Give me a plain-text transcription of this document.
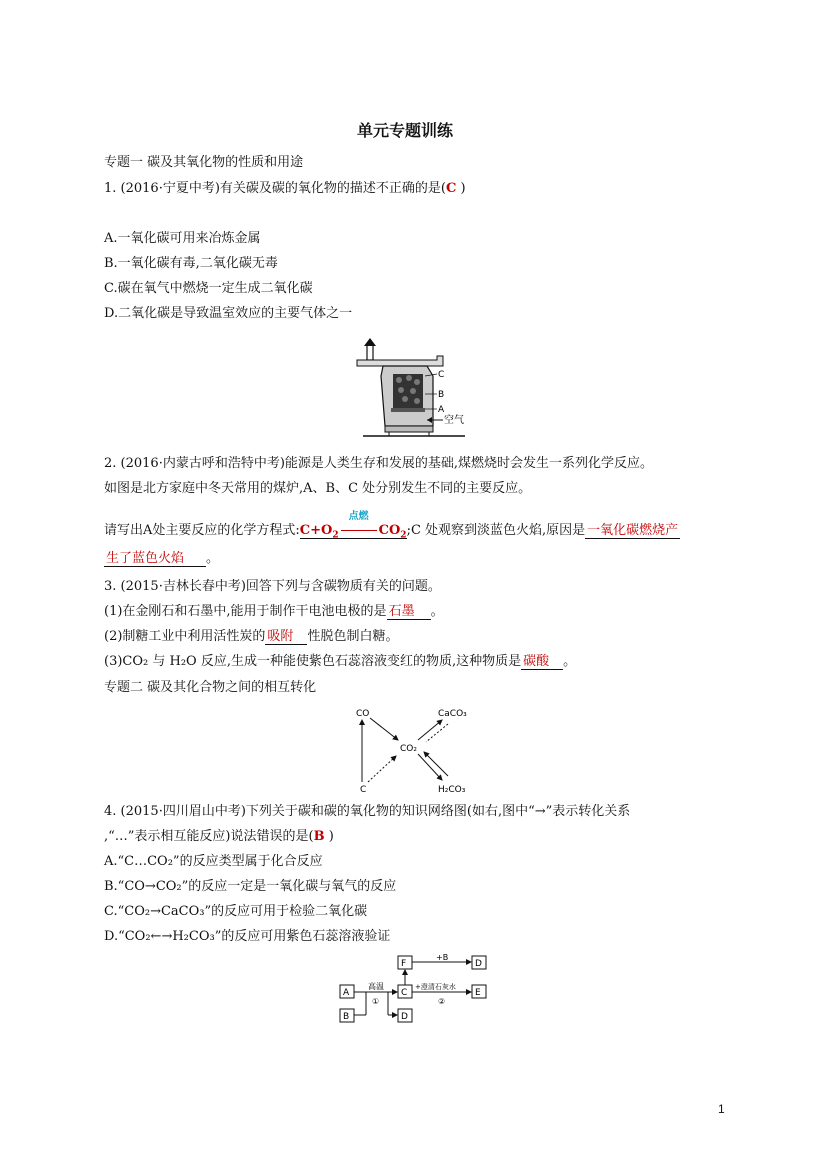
单元专题训练
专题一 碳及其氧化物的性质和用途
1. (2016·宁夏中考)有关碳及碳的氧化物的描述不正确的是(C )
A.一氧化碳可用来冶炼金属
B.一氧化碳有毒,二氧化碳无毒
C.碳在氧气中燃烧一定生成二氧化碳
D.二氧化碳是导致温室效应的主要气体之一
C
B
A
空气
2. (2016·内蒙古呼和浩特中考)能源是人类生存和发展的基础,煤燃烧时会发生一系列化学反应。
如图是北方家庭中冬天常用的煤炉,A、B、C 处分别发生不同的主要反应。
请写出A处主要反应的化学方程式$:C+O_2$
点燃
$CO_2;C$ 处观察到淡蓝色火焰,原因是 一氧化碳燃烧产
生了蓝色火焰 。
3. (2015·吉林长春中考)回答下列与含碳物质有关的问题。
(1)在金刚石和石墨中,能用于制作干电池电极的是 石墨 。
(2)制糖工业中利用活性炭的 吸附 性脱色制白糖。
(3)CO₂ 与 H₂O 反应,生成一种能使紫色石蕊溶液变红的物质,这种物质是 碳酸 。
专题二 碳及其化合物之间的相互转化
CO	CaCO₃
CO₂
C	H₂CO₃
4. (2015·四川眉山中考)下列关于碳和碳的氧化物的知识网络图(如右,图中“→”表示转化关系
,“…”表示相互能反应)说法错误的是(B )
A.“C…CO₂”的反应类型属于化合反应
B.“CO→CO₂”的反应一定是一氧化碳与氧气的反应
C.“CO₂→CaCO₃”的反应可用于检验二氧化碳
D.“CO₂←→H₂CO₃”的反应可用紫色石蕊溶液验证
A
B
C
D
F	D
E
高温
①
+B
+澄清石灰水
②
1
